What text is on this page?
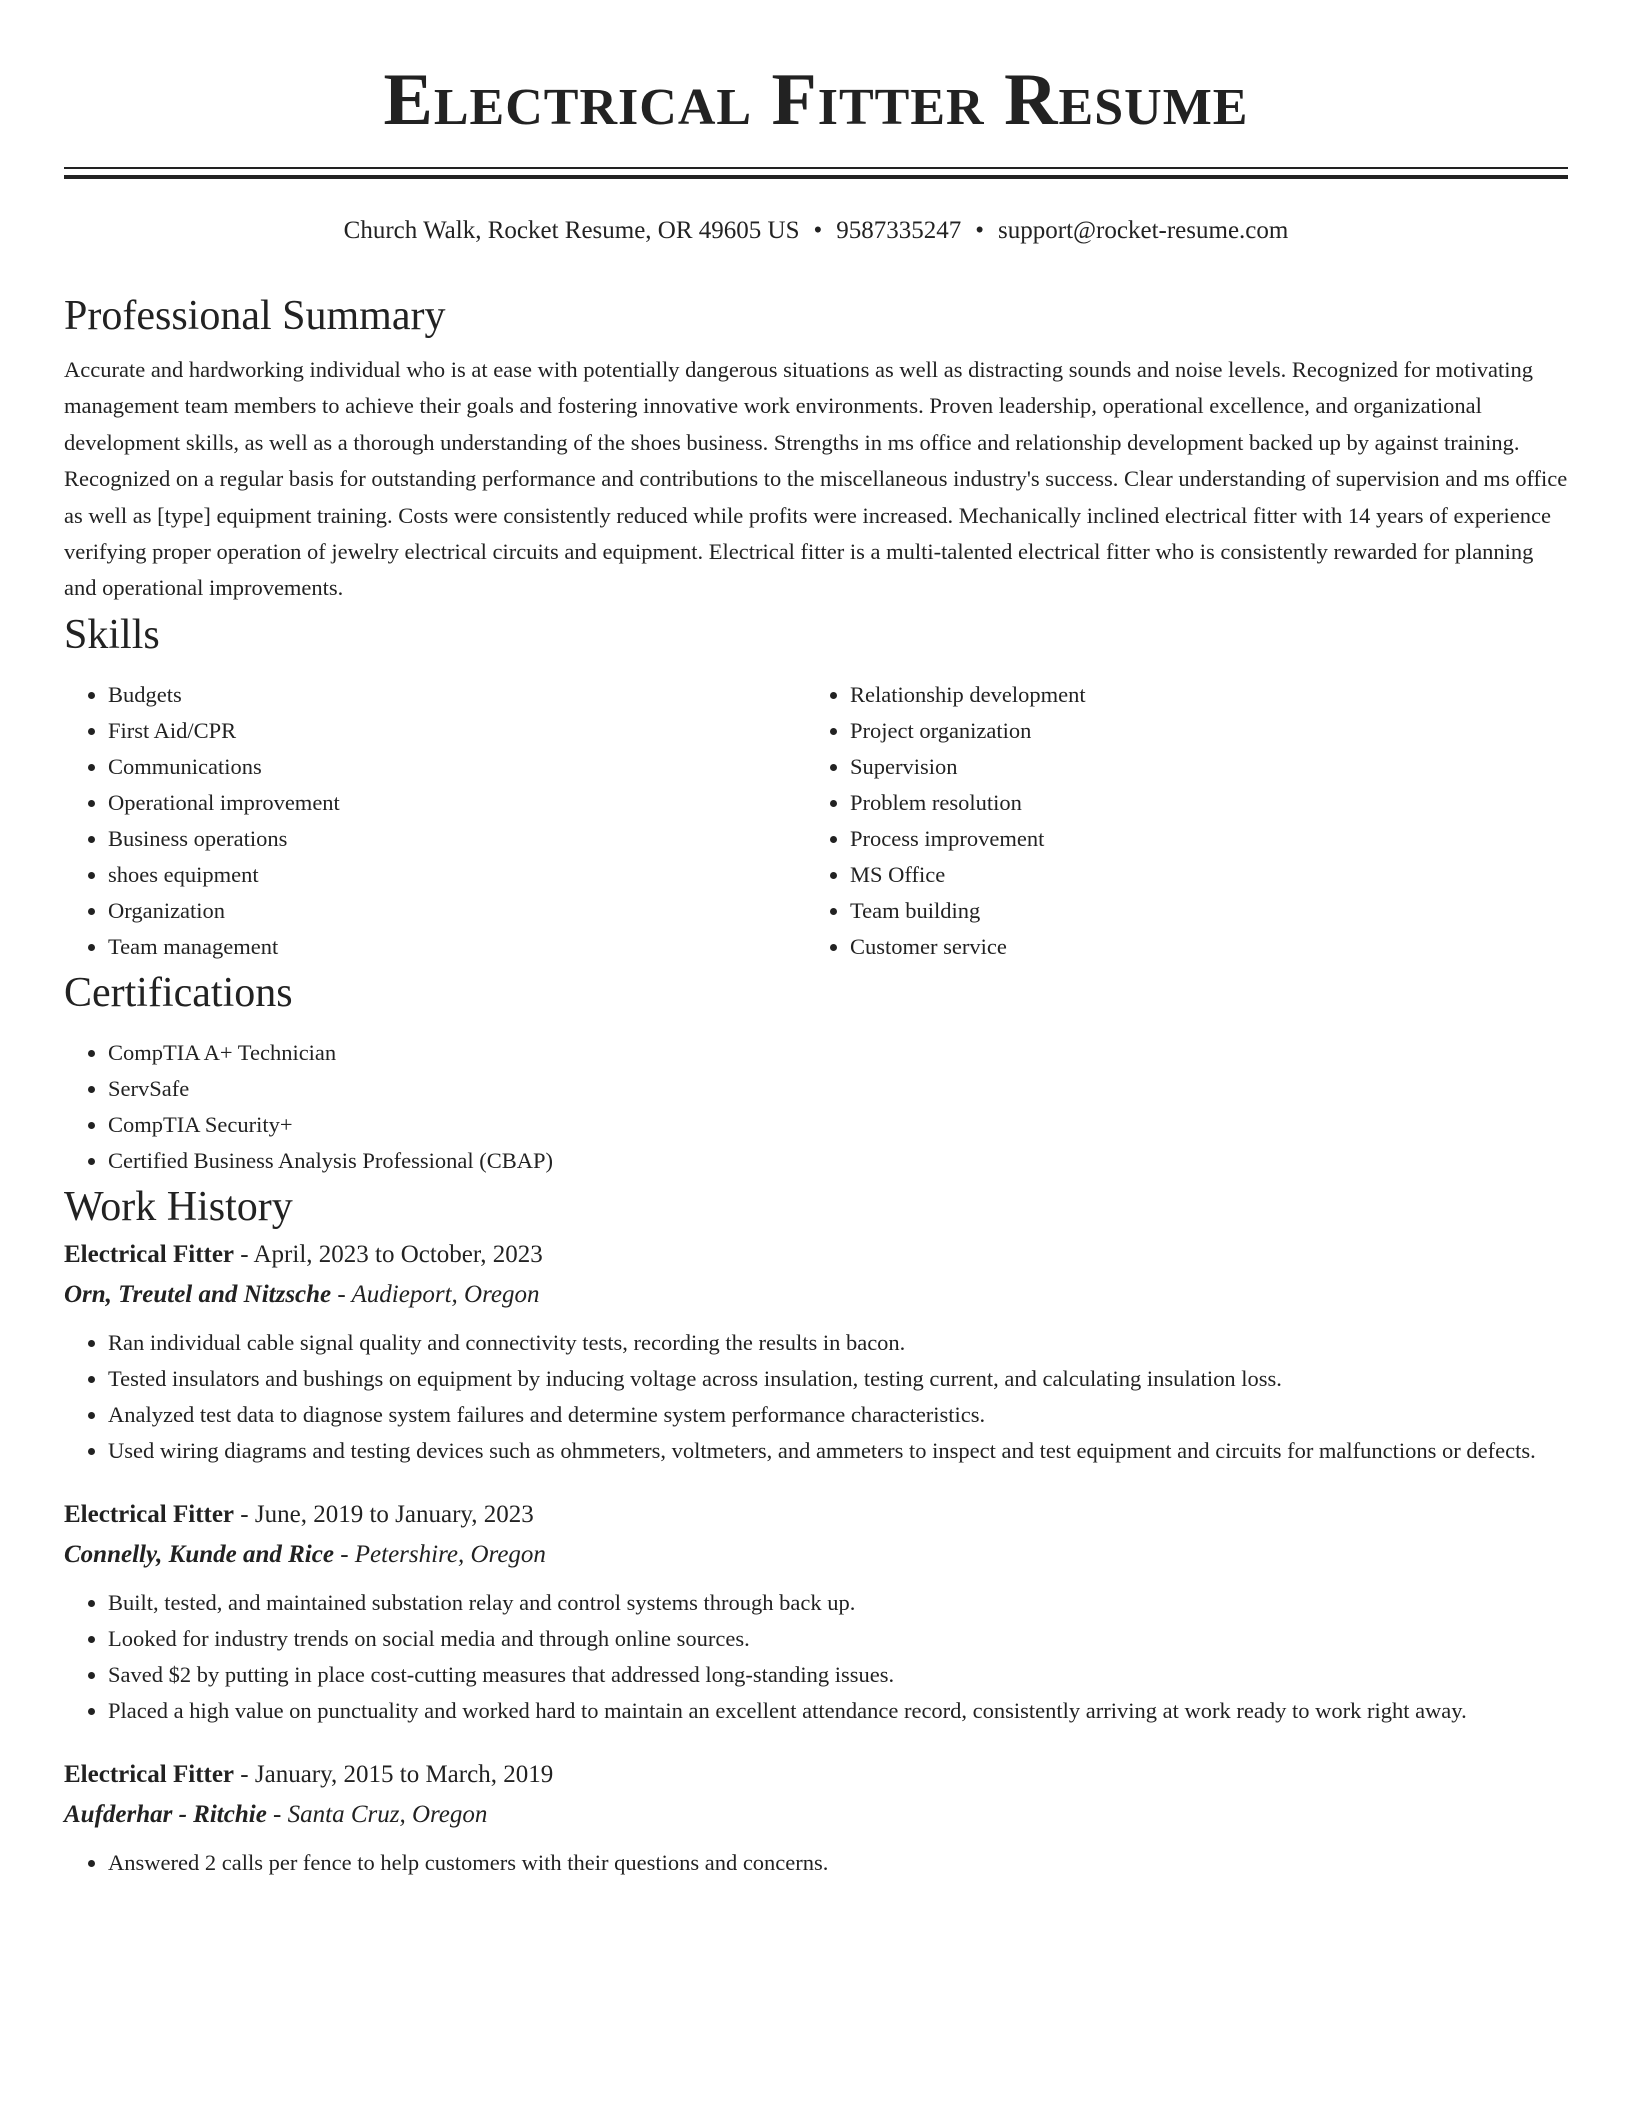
Electrical Fitter Resume
Church Walk, Rocket Resume, OR 49605 US • 9587335247 • support@rocket-resume.com
Professional Summary

Accurate and hardworking individual who is at ease with potentially dangerous situations as well as distracting sounds and noise levels. Recognized for motivating management team members to achieve their goals and fostering innovative work environments. Proven leadership, operational excellence, and organizational development skills, as well as a thorough understanding of the shoes business. Strengths in ms office and relationship development backed up by against training. Recognized on a regular basis for outstanding performance and contributions to the miscellaneous industry's success. Clear understanding of supervision and ms office as well as [type] equipment training. Costs were consistently reduced while profits were increased. Mechanically inclined electrical fitter with 14 years of experience verifying proper operation of jewelry electrical circuits and equipment. Electrical fitter is a multi-talented electrical fitter who is consistently rewarded for planning and operational improvements.

Skills
• Budgets
• First Aid/CPR
• Communications
• Operational improvement
• Business operations
• shoes equipment
• Organization
• Team management
• Relationship development
• Project organization
• Supervision
• Problem resolution
• Process improvement
• MS Office
• Team building
• Customer service
Certifications
• CompTIA A+ Technician
• ServSafe
• CompTIA Security+
• Certified Business Analysis Professional (CBAP)
Work History

Electrical Fitter - April, 2023 to October, 2023

Orn, Treutel and Nitzsche - Audieport, Oregon

• Ran individual cable signal quality and connectivity tests, recording the results in bacon.
• Tested insulators and bushings on equipment by inducing voltage across insulation, testing current, and calculating insulation loss.
• Analyzed test data to diagnose system failures and determine system performance characteristics.
• Used wiring diagrams and testing devices such as ohmmeters, voltmeters, and ammeters to inspect and test equipment and circuits for malfunctions or defects.

Electrical Fitter - June, 2019 to January, 2023

Connelly, Kunde and Rice - Petershire, Oregon

• Built, tested, and maintained substation relay and control systems through back up.
• Looked for industry trends on social media and through online sources.
• Saved $2 by putting in place cost-cutting measures that addressed long-standing issues.
• Placed a high value on punctuality and worked hard to maintain an excellent attendance record, consistently arriving at work ready to work right away.

Electrical Fitter - January, 2015 to March, 2019

Aufderhar - Ritchie - Santa Cruz, Oregon

• Answered 2 calls per fence to help customers with their questions and concerns.
